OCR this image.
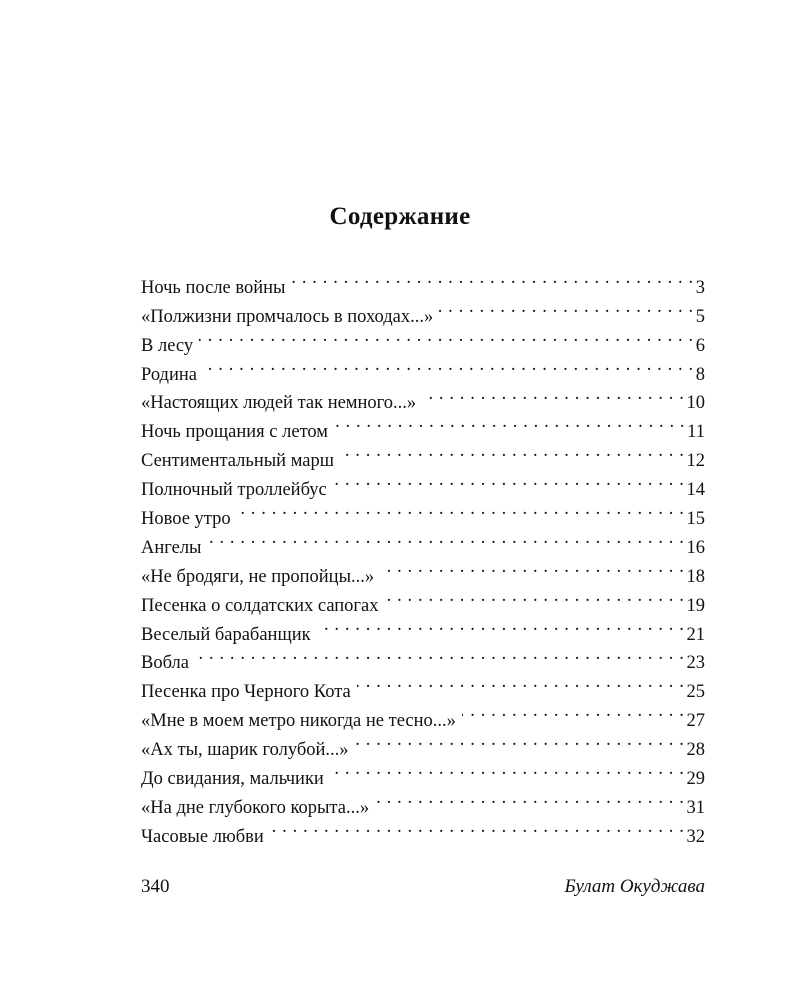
Содержание
Ночь после войны . . .	3
«Полжизни промчалось в походах...» . . .	5
В лесу . . .	6
Родина . . .	8
«Настоящих людей так немного...» . . .	10
Ночь прощания с летом . . .	11
Сентиментальный марш . . .	12
Полночный троллейбус . . .	14
Новое утро . . .	15
Ангелы . . .	16
«Не бродяги, не пропойцы...» . . .	18
Песенка о солдатских сапогах . . .	19
Веселый барабанщик . . .	21
Вобла . . .	23
Песенка про Черного Кота . . .	25
«Мне в моем метро никогда не тесно...» . . .	27
«Ах ты, шарик голубой...» . . .	28
До свидания, мальчики . . .	29
«На дне глубокого корыта...» . . .	31
Часовые любви . . .	32
340	Булат Окуджава
